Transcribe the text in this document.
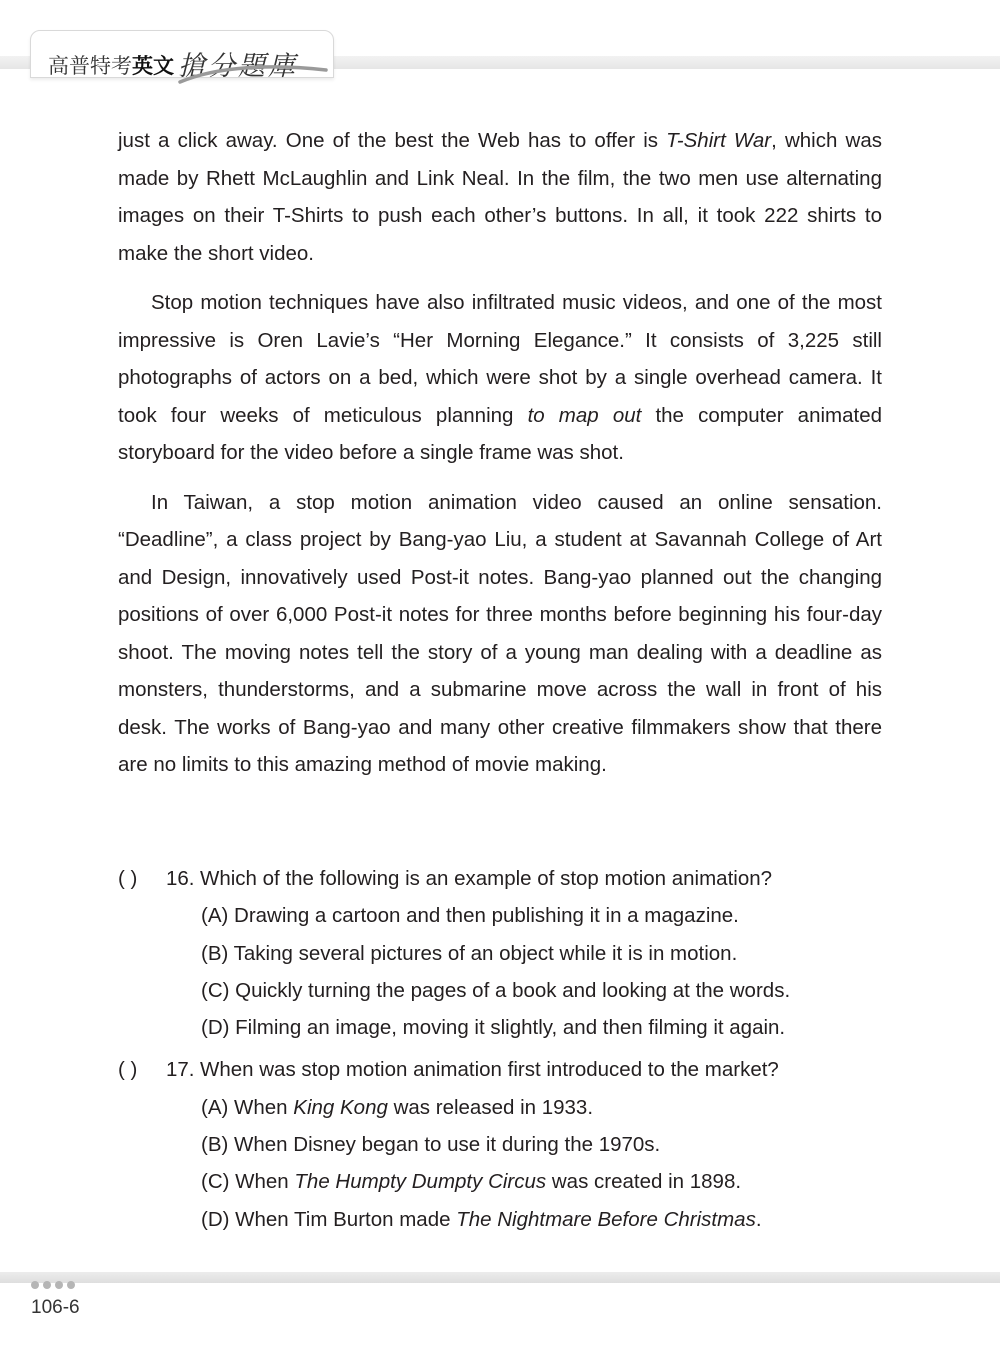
高普特考英文 搶分題庫

just a click away. One of the best the Web has to offer is T-Shirt War, which was made by Rhett McLaughlin and Link Neal. In the film, the two men use alternating images on their T-Shirts to push each other’s buttons. In all, it took 222 shirts to make the short video.

Stop motion techniques have also infiltrated music videos, and one of the most impressive is Oren Lavie’s “Her Morning Elegance.” It consists of 3,225 still photographs of actors on a bed, which were shot by a single overhead camera. It took four weeks of meticulous planning to map out the computer animated storyboard for the video before a single frame was shot.

In Taiwan, a stop motion animation video caused an online sensation. “Deadline”, a class project by Bang-yao Liu, a student at Savannah College of Art and Design, innovatively used Post-it notes. Bang-yao planned out the changing positions of over 6,000 Post-it notes for three months before beginning his four-day shoot. The moving notes tell the story of a young man dealing with a deadline as monsters, thunderstorms, and a submarine move across the wall in front of his desk. The works of Bang-yao and many other creative filmmakers show that there are no limits to this amazing method of movie making.

( )	16. Which of the following is an example of stop motion animation?
(A) Drawing a cartoon and then publishing it in a magazine.
(B) Taking several pictures of an object while it is in motion.
(C) Quickly turning the pages of a book and looking at the words.
(D) Filming an image, moving it slightly, and then filming it again.
( )	17. When was stop motion animation first introduced to the market?
(A) When King Kong was released in 1933.
(B) When Disney began to use it during the 1970s.
(C) When The Humpty Dumpty Circus was created in 1898.
(D) When Tim Burton made The Nightmare Before Christmas.
106-6
